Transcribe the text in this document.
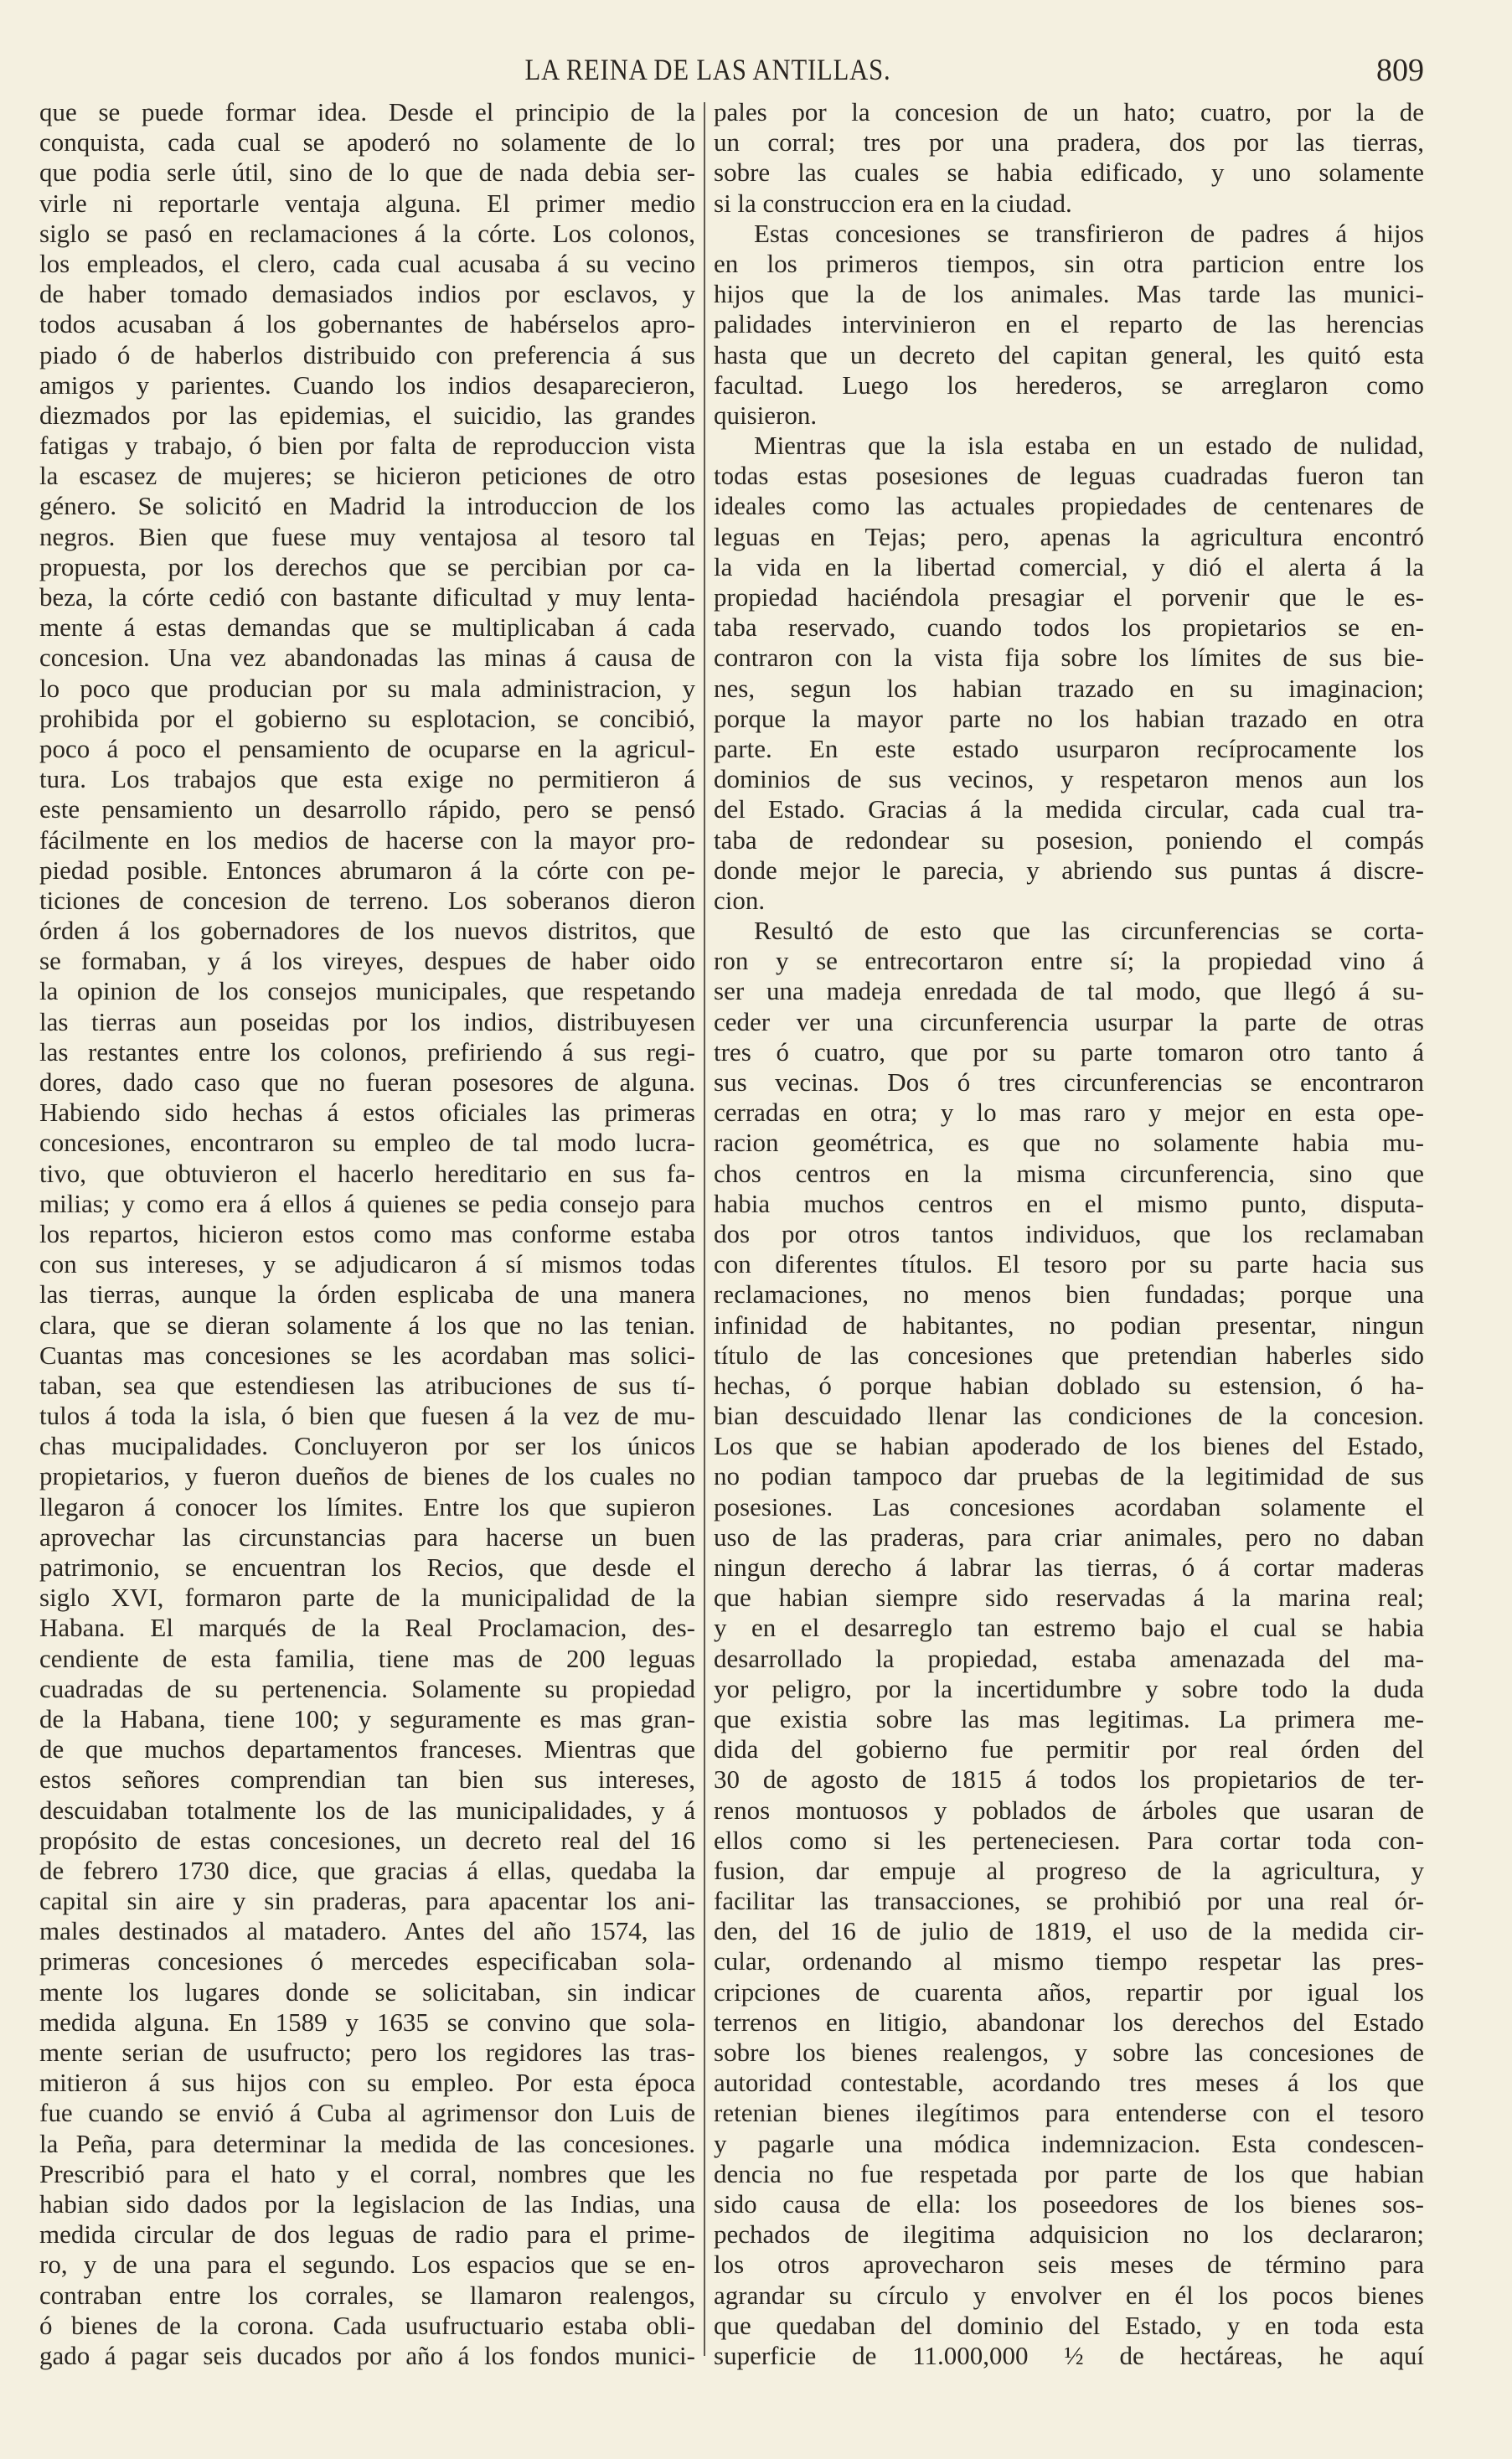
LA REINA DE LAS ANTILLAS.	809
que se puede formar idea. Desde el principio de la
conquista, cada cual se apoderó no solamente de lo
que podia serle útil, sino de lo que de nada debia ser-
virle ni reportarle ventaja alguna. El primer medio
siglo se pasó en reclamaciones á la córte. Los colonos,
los empleados, el clero, cada cual acusaba á su vecino
de haber tomado demasiados indios por esclavos, y
todos acusaban á los gobernantes de habérselos apro-
piado ó de haberlos distribuido con preferencia á sus
amigos y parientes. Cuando los indios desaparecieron,
diezmados por las epidemias, el suicidio, las grandes
fatigas y trabajo, ó bien por falta de reproduccion vista
la escasez de mujeres; se hicieron peticiones de otro
género. Se solicitó en Madrid la introduccion de los
negros. Bien que fuese muy ventajosa al tesoro tal
propuesta, por los derechos que se percibian por ca-
beza, la córte cedió con bastante dificultad y muy lenta-
mente á estas demandas que se multiplicaban á cada
concesion. Una vez abandonadas las minas á causa de
lo poco que producian por su mala administracion, y
prohibida por el gobierno su esplotacion, se concibió,
poco á poco el pensamiento de ocuparse en la agricul-
tura. Los trabajos que esta exige no permitieron á
este pensamiento un desarrollo rápido, pero se pensó
fácilmente en los medios de hacerse con la mayor pro-
piedad posible. Entonces abrumaron á la córte con pe-
ticiones de concesion de terreno. Los soberanos dieron
órden á los gobernadores de los nuevos distritos, que
se formaban, y á los vireyes, despues de haber oido
la opinion de los consejos municipales, que respetando
las tierras aun poseidas por los indios, distribuyesen
las restantes entre los colonos, prefiriendo á sus regi-
dores, dado caso que no fueran posesores de alguna.
Habiendo sido hechas á estos oficiales las primeras
concesiones, encontraron su empleo de tal modo lucra-
tivo, que obtuvieron el hacerlo hereditario en sus fa-
milias; y como era á ellos á quienes se pedia consejo para
los repartos, hicieron estos como mas conforme estaba
con sus intereses, y se adjudicaron á sí mismos todas
las tierras, aunque la órden esplicaba de una manera
clara, que se dieran solamente á los que no las tenian.
Cuantas mas concesiones se les acordaban mas solici-
taban, sea que estendiesen las atribuciones de sus tí-
tulos á toda la isla, ó bien que fuesen á la vez de mu-
chas mucipalidades. Concluyeron por ser los únicos
propietarios, y fueron dueños de bienes de los cuales no
llegaron á conocer los límites. Entre los que supieron
aprovechar las circunstancias para hacerse un buen
patrimonio, se encuentran los Recios, que desde el
siglo XVI, formaron parte de la municipalidad de la
Habana. El marqués de la Real Proclamacion, des-
cendiente de esta familia, tiene mas de 200 leguas
cuadradas de su pertenencia. Solamente su propiedad
de la Habana, tiene 100; y seguramente es mas gran-
de que muchos departamentos franceses. Mientras que
estos señores comprendian tan bien sus intereses,
descuidaban totalmente los de las municipalidades, y á
propósito de estas concesiones, un decreto real del 16
de febrero 1730 dice, que gracias á ellas, quedaba la
capital sin aire y sin praderas, para apacentar los ani-
males destinados al matadero. Antes del año 1574, las
primeras concesiones ó mercedes especificaban sola-
mente los lugares donde se solicitaban, sin indicar
medida alguna. En 1589 y 1635 se convino que sola-
mente serian de usufructo; pero los regidores las tras-
mitieron á sus hijos con su empleo. Por esta época
fue cuando se envió á Cuba al agrimensor don Luis de
la Peña, para determinar la medida de las concesiones.
Prescribió para el hato y el corral, nombres que les
habian sido dados por la legislacion de las Indias, una
medida circular de dos leguas de radio para el prime-
ro, y de una para el segundo. Los espacios que se en-
contraban entre los corrales, se llamaron realengos,
ó bienes de la corona. Cada usufructuario estaba obli-
gado á pagar seis ducados por año á los fondos munici-
pales por la concesion de un hato; cuatro, por la de
un corral; tres por una pradera, dos por las tierras,
sobre las cuales se habia edificado, y uno solamente
si la construccion era en la ciudad.
Estas concesiones se transfirieron de padres á hijos
en los primeros tiempos, sin otra particion entre los
hijos que la de los animales. Mas tarde las munici-
palidades intervinieron en el reparto de las herencias
hasta que un decreto del capitan general, les quitó esta
facultad. Luego los herederos, se arreglaron como
quisieron.
Mientras que la isla estaba en un estado de nulidad,
todas estas posesiones de leguas cuadradas fueron tan
ideales como las actuales propiedades de centenares de
leguas en Tejas; pero, apenas la agricultura encontró
la vida en la libertad comercial, y dió el alerta á la
propiedad haciéndola presagiar el porvenir que le es-
taba reservado, cuando todos los propietarios se en-
contraron con la vista fija sobre los límites de sus bie-
nes, segun los habian trazado en su imaginacion;
porque la mayor parte no los habian trazado en otra
parte. En este estado usurparon recíprocamente los
dominios de sus vecinos, y respetaron menos aun los
del Estado. Gracias á la medida circular, cada cual tra-
taba de redondear su posesion, poniendo el compás
donde mejor le parecia, y abriendo sus puntas á discre-
cion.
Resultó de esto que las circunferencias se corta-
ron y se entrecortaron entre sí; la propiedad vino á
ser una madeja enredada de tal modo, que llegó á su-
ceder ver una circunferencia usurpar la parte de otras
tres ó cuatro, que por su parte tomaron otro tanto á
sus vecinas. Dos ó tres circunferencias se encontraron
cerradas en otra; y lo mas raro y mejor en esta ope-
racion geométrica, es que no solamente habia mu-
chos centros en la misma circunferencia, sino que
habia muchos centros en el mismo punto, disputa-
dos por otros tantos individuos, que los reclamaban
con diferentes títulos. El tesoro por su parte hacia sus
reclamaciones, no menos bien fundadas; porque una
infinidad de habitantes, no podian presentar, ningun
título de las concesiones que pretendian haberles sido
hechas, ó porque habian doblado su estension, ó ha-
bian descuidado llenar las condiciones de la concesion.
Los que se habian apoderado de los bienes del Estado,
no podian tampoco dar pruebas de la legitimidad de sus
posesiones. Las concesiones acordaban solamente el
uso de las praderas, para criar animales, pero no daban
ningun derecho á labrar las tierras, ó á cortar maderas
que habian siempre sido reservadas á la marina real;
y en el desarreglo tan estremo bajo el cual se habia
desarrollado la propiedad, estaba amenazada del ma-
yor peligro, por la incertidumbre y sobre todo la duda
que existia sobre las mas legitimas. La primera me-
dida del gobierno fue permitir por real órden del
30 de agosto de 1815 á todos los propietarios de ter-
renos montuosos y poblados de árboles que usaran de
ellos como si les perteneciesen. Para cortar toda con-
fusion, dar empuje al progreso de la agricultura, y
facilitar las transacciones, se prohibió por una real ór-
den, del 16 de julio de 1819, el uso de la medida cir-
cular, ordenando al mismo tiempo respetar las pres-
cripciones de cuarenta años, repartir por igual los
terrenos en litigio, abandonar los derechos del Estado
sobre los bienes realengos, y sobre las concesiones de
autoridad contestable, acordando tres meses á los que
retenian bienes ilegítimos para entenderse con el tesoro
y pagarle una módica indemnizacion. Esta condescen-
dencia no fue respetada por parte de los que habian
sido causa de ella: los poseedores de los bienes sos-
pechados de ilegitima adquisicion no los declararon;
los otros aprovecharon seis meses de término para
agrandar su círculo y envolver en él los pocos bienes
que quedaban del dominio del Estado, y en toda esta
superficie de 11.000,000 ½ de hectáreas, he aquí
